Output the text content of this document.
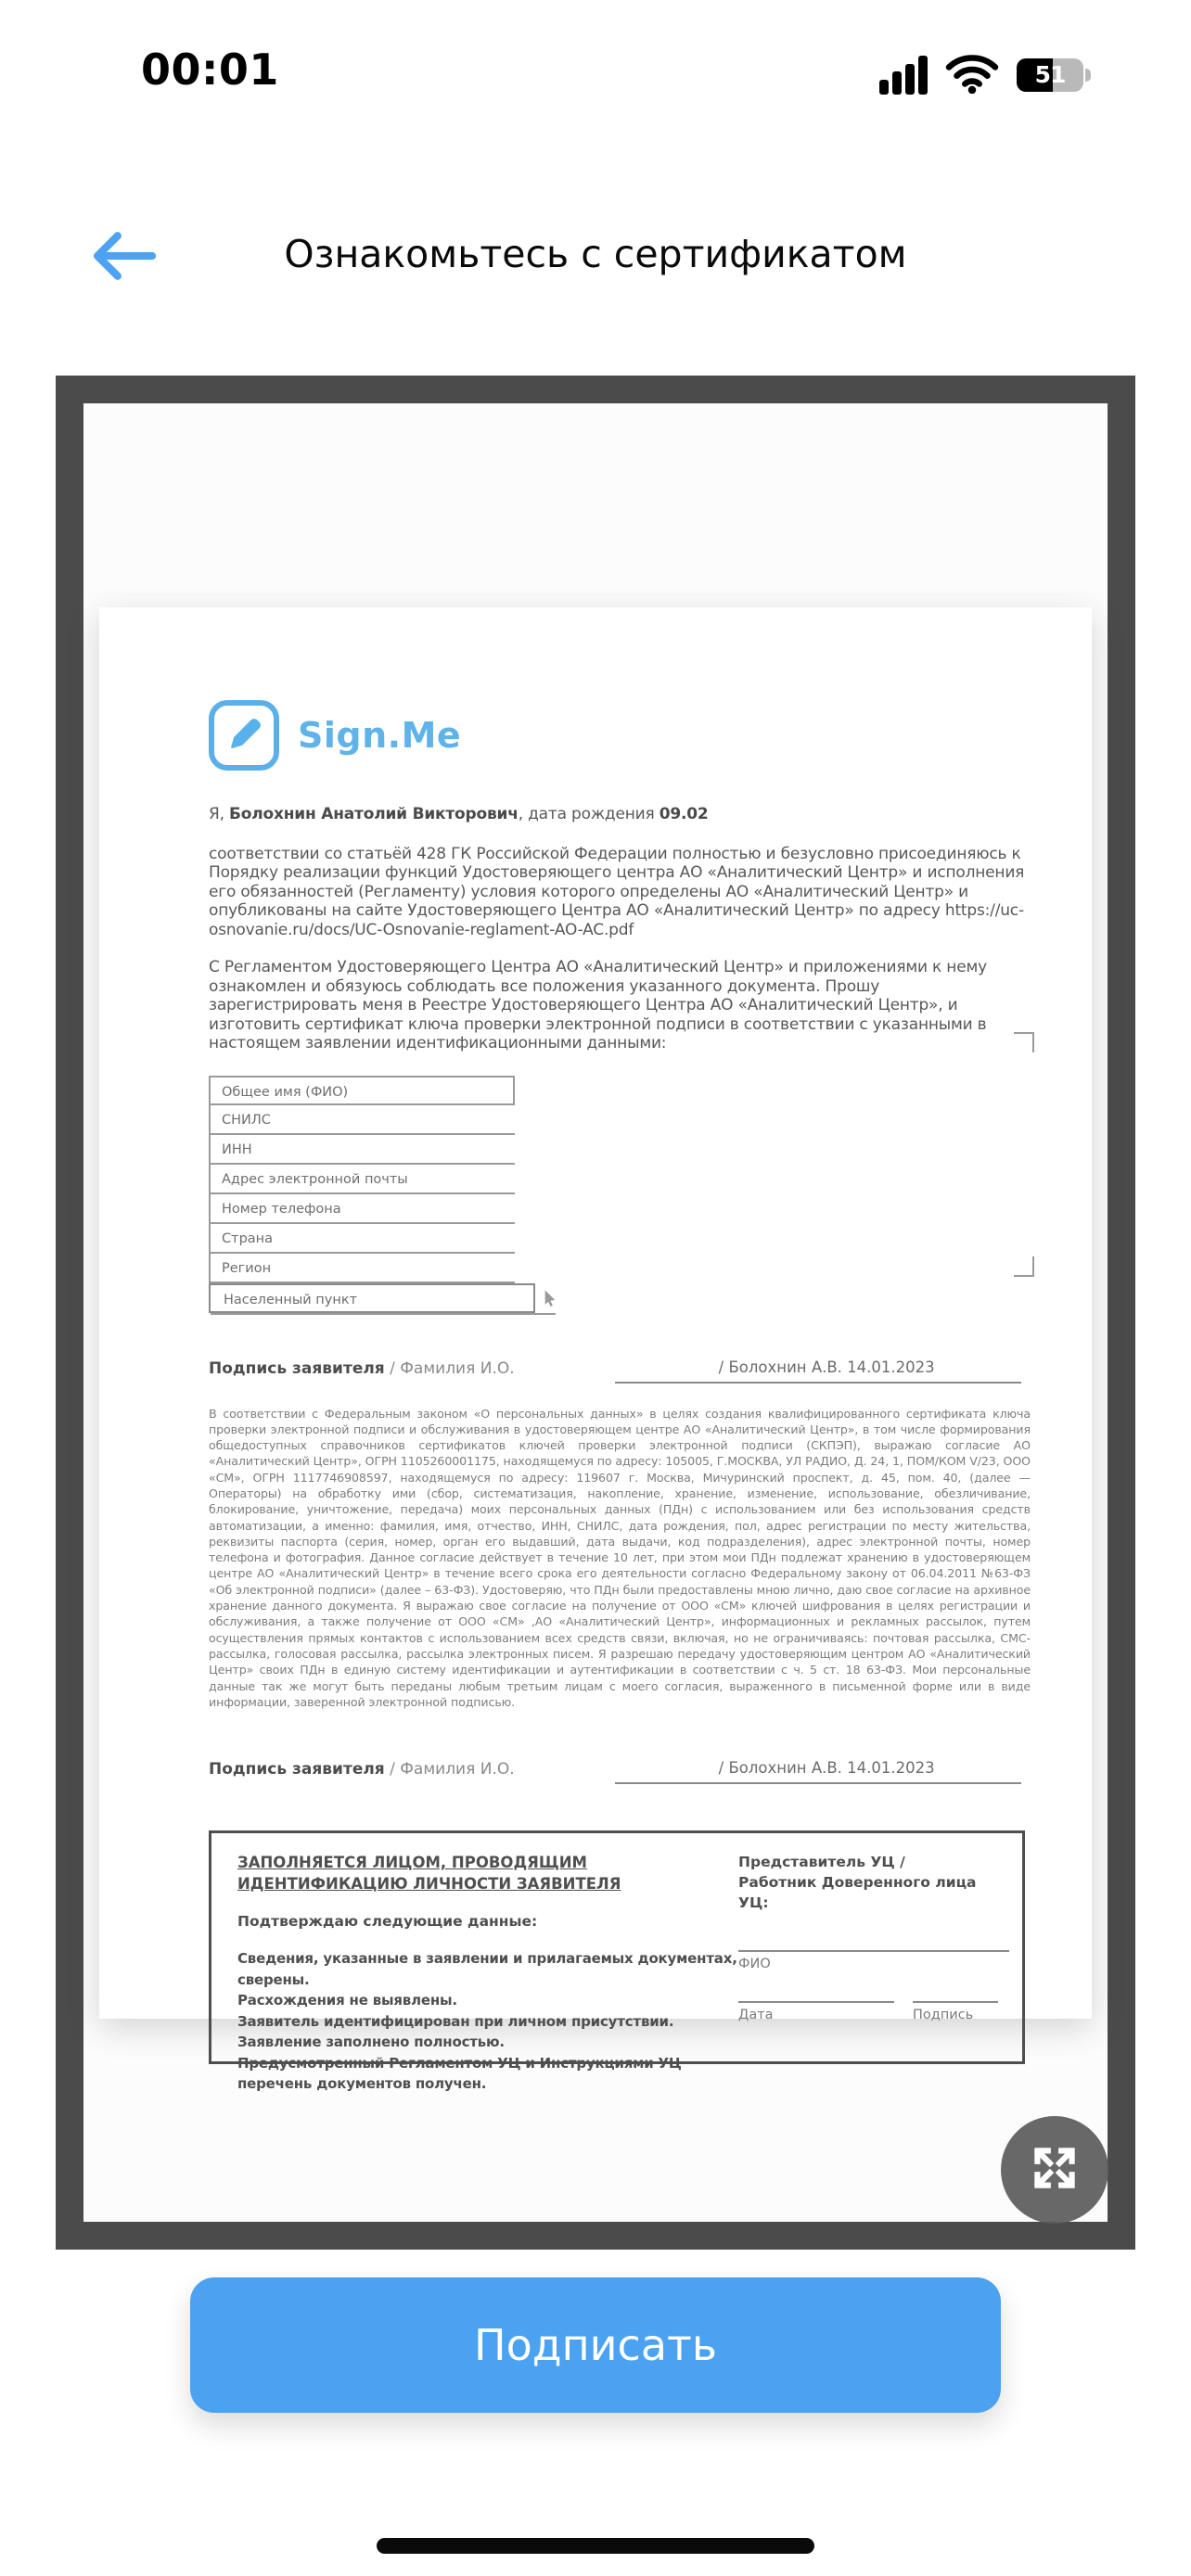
00:01	51
Ознакомьтесь с сертификатом
Sign.Me
Я, Болохнин Анатолий Викторович, дата рождения 09.02
соответствии со статьёй 428 ГК Российской Федерации полностью и безусловно присоединяюсь к Порядку реализации функций Удостоверяющего центра АО «Аналитический Центр» и исполнения его обязанностей (Регламенту) условия которого определены АО «Аналитический Центр» и опубликованы на сайте Удостоверяющего Центра АО «Аналитический Центр» по адресу https://uc-osnovanie.ru/docs/UC-Osnovanie-reglament-AO-AC.pdf
С Регламентом Удостоверяющего Центра АО «Аналитический Центр» и приложениями к нему ознакомлен и обязуюсь соблюдать все положения указанного документа. Прошу зарегистрировать меня в Реестре Удостоверяющего Центра АО «Аналитический Центр», и изготовить сертификат ключа проверки электронной подписи в соответствии с указанными в настоящем заявлении идентификационными данными:
Общее имя (ФИО)
СНИЛС
ИНН
Адрес электронной почты
Номер телефона
Страна
Регион
Населенный пункт
Подпись заявителя / Фамилия И.О.	/ Болохнин А.В. 14.01.2023
В соответствии с Федеральным законом «О персональных данных» в целях создания квалифицированного сертификата ключа проверки электронной подписи и обслуживания в удостоверяющем центре АО «Аналитический Центр», в том числе формирования общедоступных справочников сертификатов ключей проверки электронной подписи (СКПЭП), выражаю согласие АО «Аналитический Центр», ОГРН 1105260001175, находящемуся по адресу: 105005, Г.МОСКВА, УЛ РАДИО, Д. 24, 1, ПОМ/КОМ V/23, ООО «СМ», ОГРН 1117746908597, находящемуся по адресу: 119607 г. Москва, Мичуринский проспект, д. 45, пом. 40, (далее — Операторы) на обработку ими (сбор, систематизация, накопление, хранение, изменение, использование, обезличивание, блокирование, уничтожение, передача) моих персональных данных (ПДн) с использованием или без использования средств автоматизации, а именно: фамилия, имя, отчество, ИНН, СНИЛС, дата рождения, пол, адрес регистрации по месту жительства, реквизиты паспорта (серия, номер, орган его выдавший, дата выдачи, код подразделения), адрес электронной почты, номер телефона и фотография. Данное согласие действует в течение 10 лет, при этом мои ПДн подлежат хранению в удостоверяющем центре АО «Аналитический Центр» в течение всего срока его деятельности согласно Федеральному закону от 06.04.2011 №63-ФЗ «Об электронной подписи» (далее – 63-ФЗ). Удостоверяю, что ПДн были предоставлены мною лично, даю свое согласие на архивное хранение данного документа. Я выражаю свое согласие на получение от ООО «СМ» ключей шифрования в целях регистрации и обслуживания, а также получение от ООО «СМ» ,АО «Аналитический Центр», информационных и рекламных рассылок, путем осуществления прямых контактов с использованием всех средств связи, включая, но не ограничиваясь: почтовая рассылка, СМС-рассылка, голосовая рассылка, рассылка электронных писем. Я разрешаю передачу удостоверяющим центром АО «Аналитический Центр» своих ПДн в единую систему идентификации и аутентификации в соответствии с ч. 5 ст. 18 63-ФЗ. Мои персональные данные так же могут быть переданы любым третьим лицам с моего согласия, выраженного в письменной форме или в виде информации, заверенной электронной подписью.
Подпись заявителя / Фамилия И.О.	/ Болохнин А.В. 14.01.2023
ЗАПОЛНЯЕТСЯ ЛИЦОМ, ПРОВОДЯЩИМ ИДЕНТИФИКАЦИЮ ЛИЧНОСТИ ЗАЯВИТЕЛЯ
Подтверждаю следующие данные:
Сведения, указанные в заявлении и прилагаемых документах, сверены.
Расхождения не выявлены.
Заявитель идентифицирован при личном присутствии.
Заявление заполнено полностью.
Предусмотренный Регламентом УЦ и Инструкциями УЦ перечень документов получен.
Представитель УЦ / Работник Доверенного лица УЦ:
ФИО
Дата	Подпись
Подписать
